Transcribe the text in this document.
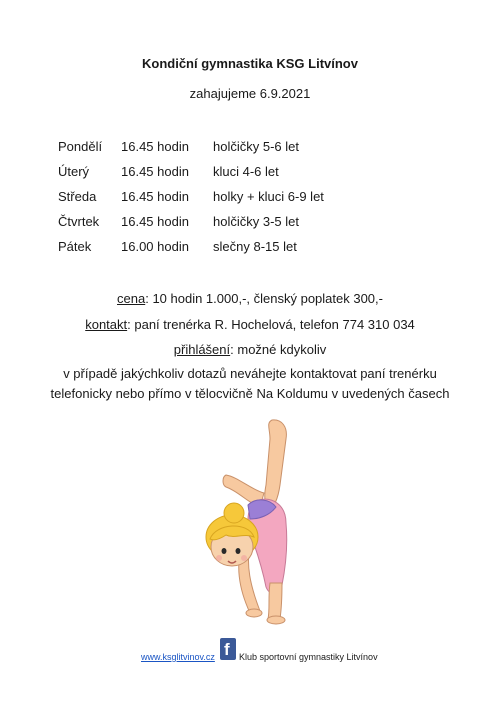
Kondiční gymnastika KSG Litvínov
zahajujeme 6.9.2021
Pondělí	16.45 hodin	holčičky 5-6 let
Úterý	16.45 hodin	kluci 4-6 let
Středa	16.45 hodin	holky + kluci 6-9 let
Čtvrtek	16.45 hodin	holčičky 3-5 let
Pátek	16.00 hodin	slečny 8-15 let
cena: 10 hodin 1.000,-, členský poplatek 300,-
kontakt: paní trenérka R. Hochelová, telefon 774 310 034
přihlášení: možné kdykoliv
v případě jakýchkoliv dotazů neváhejte kontaktovat paní trenérku
telefonicky nebo přímo v tělocvičně Na Koldumu v uvedených časech
www.ksglitvinov.cz f Klub sportovní gymnastiky Litvínov
